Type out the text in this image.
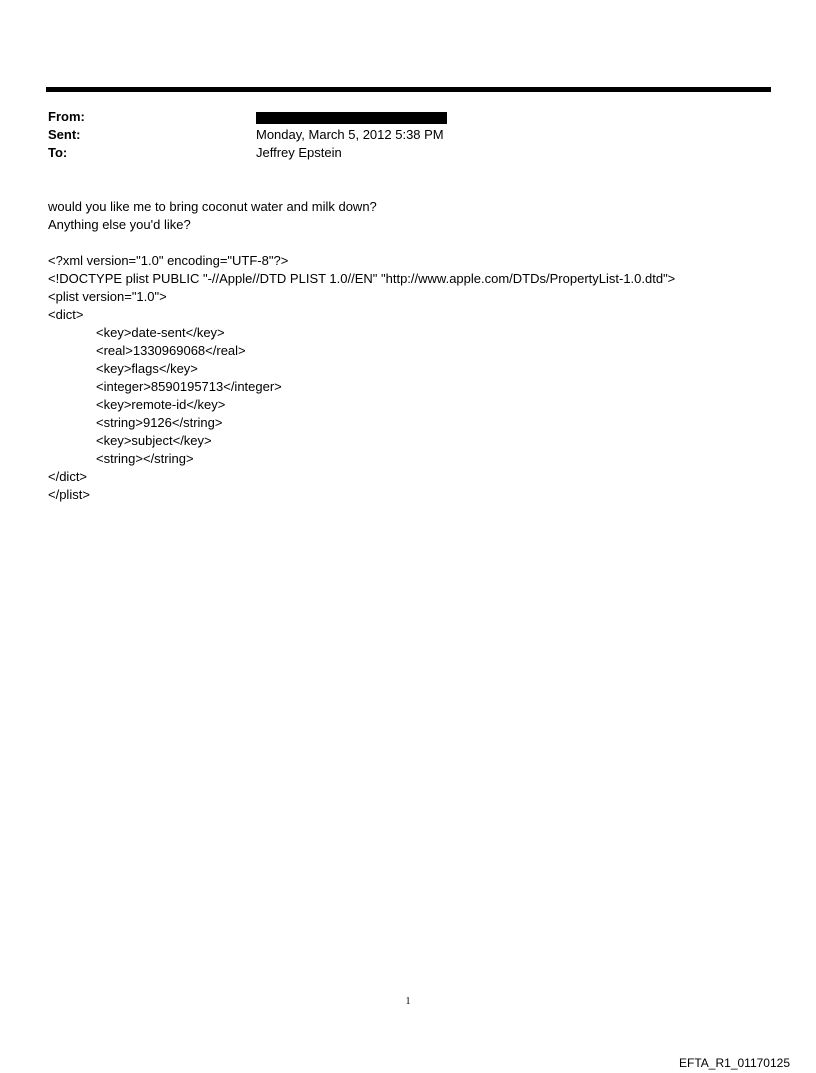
From:
Sent:	Monday, March 5, 2012 5:38 PM
To:	Jeffrey Epstein
would you like me to bring coconut water and milk down?
Anything else you'd like?
<?xml version="1.0" encoding="UTF-8"?>
<!DOCTYPE plist PUBLIC "-//Apple//DTD PLIST 1.0//EN" "http://www.apple.com/DTDs/PropertyList-1.0.dtd">
<plist version="1.0">
<dict>
<key>date-sent</key>
<real>1330969068</real>
<key>flags</key>
<integer>8590195713</integer>
<key>remote-id</key>
<string>9126</string>
<key>subject</key>
<string></string>
</dict>
</plist>
1
EFTA_R1_01170125
